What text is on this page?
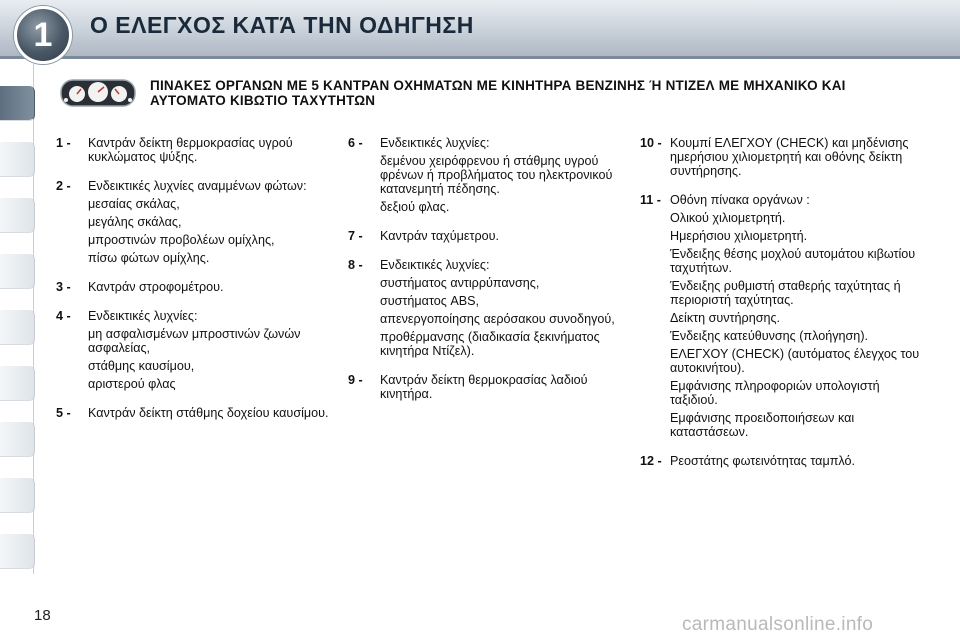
1	Ο ΕΛΕΓΧΟΣ ΚΑΤΆ ΤΗΝ ΟΔΗΓΗΣΗ
ΠΙΝΑΚΕΣ ΟΡΓΑΝΩΝ ΜΕ 5 ΚΑΝΤΡΑΝ ΟΧΗΜΑΤΩΝ ΜΕ ΚΙΝΗΤΗΡΑ ΒΕΝΖΙΝΗΣ Ή ΝΤΙΖΕΛ ΜΕ ΜΗΧΑΝΙΚΟ ΚΑΙ ΑΥΤΟΜΑΤΟ ΚΙΒΩΤΙΟ ΤΑΧΥΤΗΤΩΝ
1 - Καντράν δείκτη θερμοκρασίας υγρού κυκλώματος ψύξης.
2 - Ενδεικτικές λυχνίες αναμμένων φώτων:
μεσαίας σκάλας,
μεγάλης σκάλας,
μπροστινών προβολέων ομίχλης,
πίσω φώτων ομίχλης.
3 - Καντράν στροφομέτρου.
4 - Ενδεικτικές λυχνίες:
μη ασφαλισμένων μπροστινών ζωνών ασφαλείας,
στάθμης καυσίμου,
αριστερού φλας
5 - Καντράν δείκτη στάθμης δοχείου καυσίμου.
6 - Ενδεικτικές λυχνίες:
δεμένου χειρόφρενου ή στάθμης υγρού φρένων ή προβλήματος του ηλεκτρονικού κατανεμητή πέδησης.
δεξιού φλας.
7 - Καντράν ταχύμετρου.
8 - Ενδεικτικές λυχνίες:
συστήματος αντιρρύπανσης,
συστήματος ABS,
απενεργοποίησης αερόσακου συνοδηγού,
προθέρμανσης (διαδικασία ξεκινήματος κινητήρα Ντίζελ).
9 - Καντράν δείκτη θερμοκρασίας λαδιού κινητήρα.
10 - Κουμπί ΕΛΕΓΧΟΥ (CHECK) και μηδένισης ημερήσιου χιλιομετρητή και οθόνης δείκτη συντήρησης.
11 - Οθόνη πίνακα οργάνων :
Ολικού χιλιομετρητή.
Ημερήσιου χιλιομετρητή.
Ένδειξης θέσης μοχλού αυτομάτου κιβωτίου ταχυτήτων.
Ένδειξης ρυθμιστή σταθερής ταχύτητας ή περιοριστή ταχύτητας.
Δείκτη συντήρησης.
Ένδειξης κατεύθυνσης (πλοήγηση).
ΕΛΕΓΧΟΥ (CHECK) (αυτόματος έλεγχος του αυτοκινήτου).
Εμφάνισης πληροφοριών υπολογιστή ταξιδιού.
Εμφάνισης προειδοποιήσεων και καταστάσεων.
12 - Ρεοστάτης φωτεινότητας ταμπλό.
18	carmanualsonline.info
